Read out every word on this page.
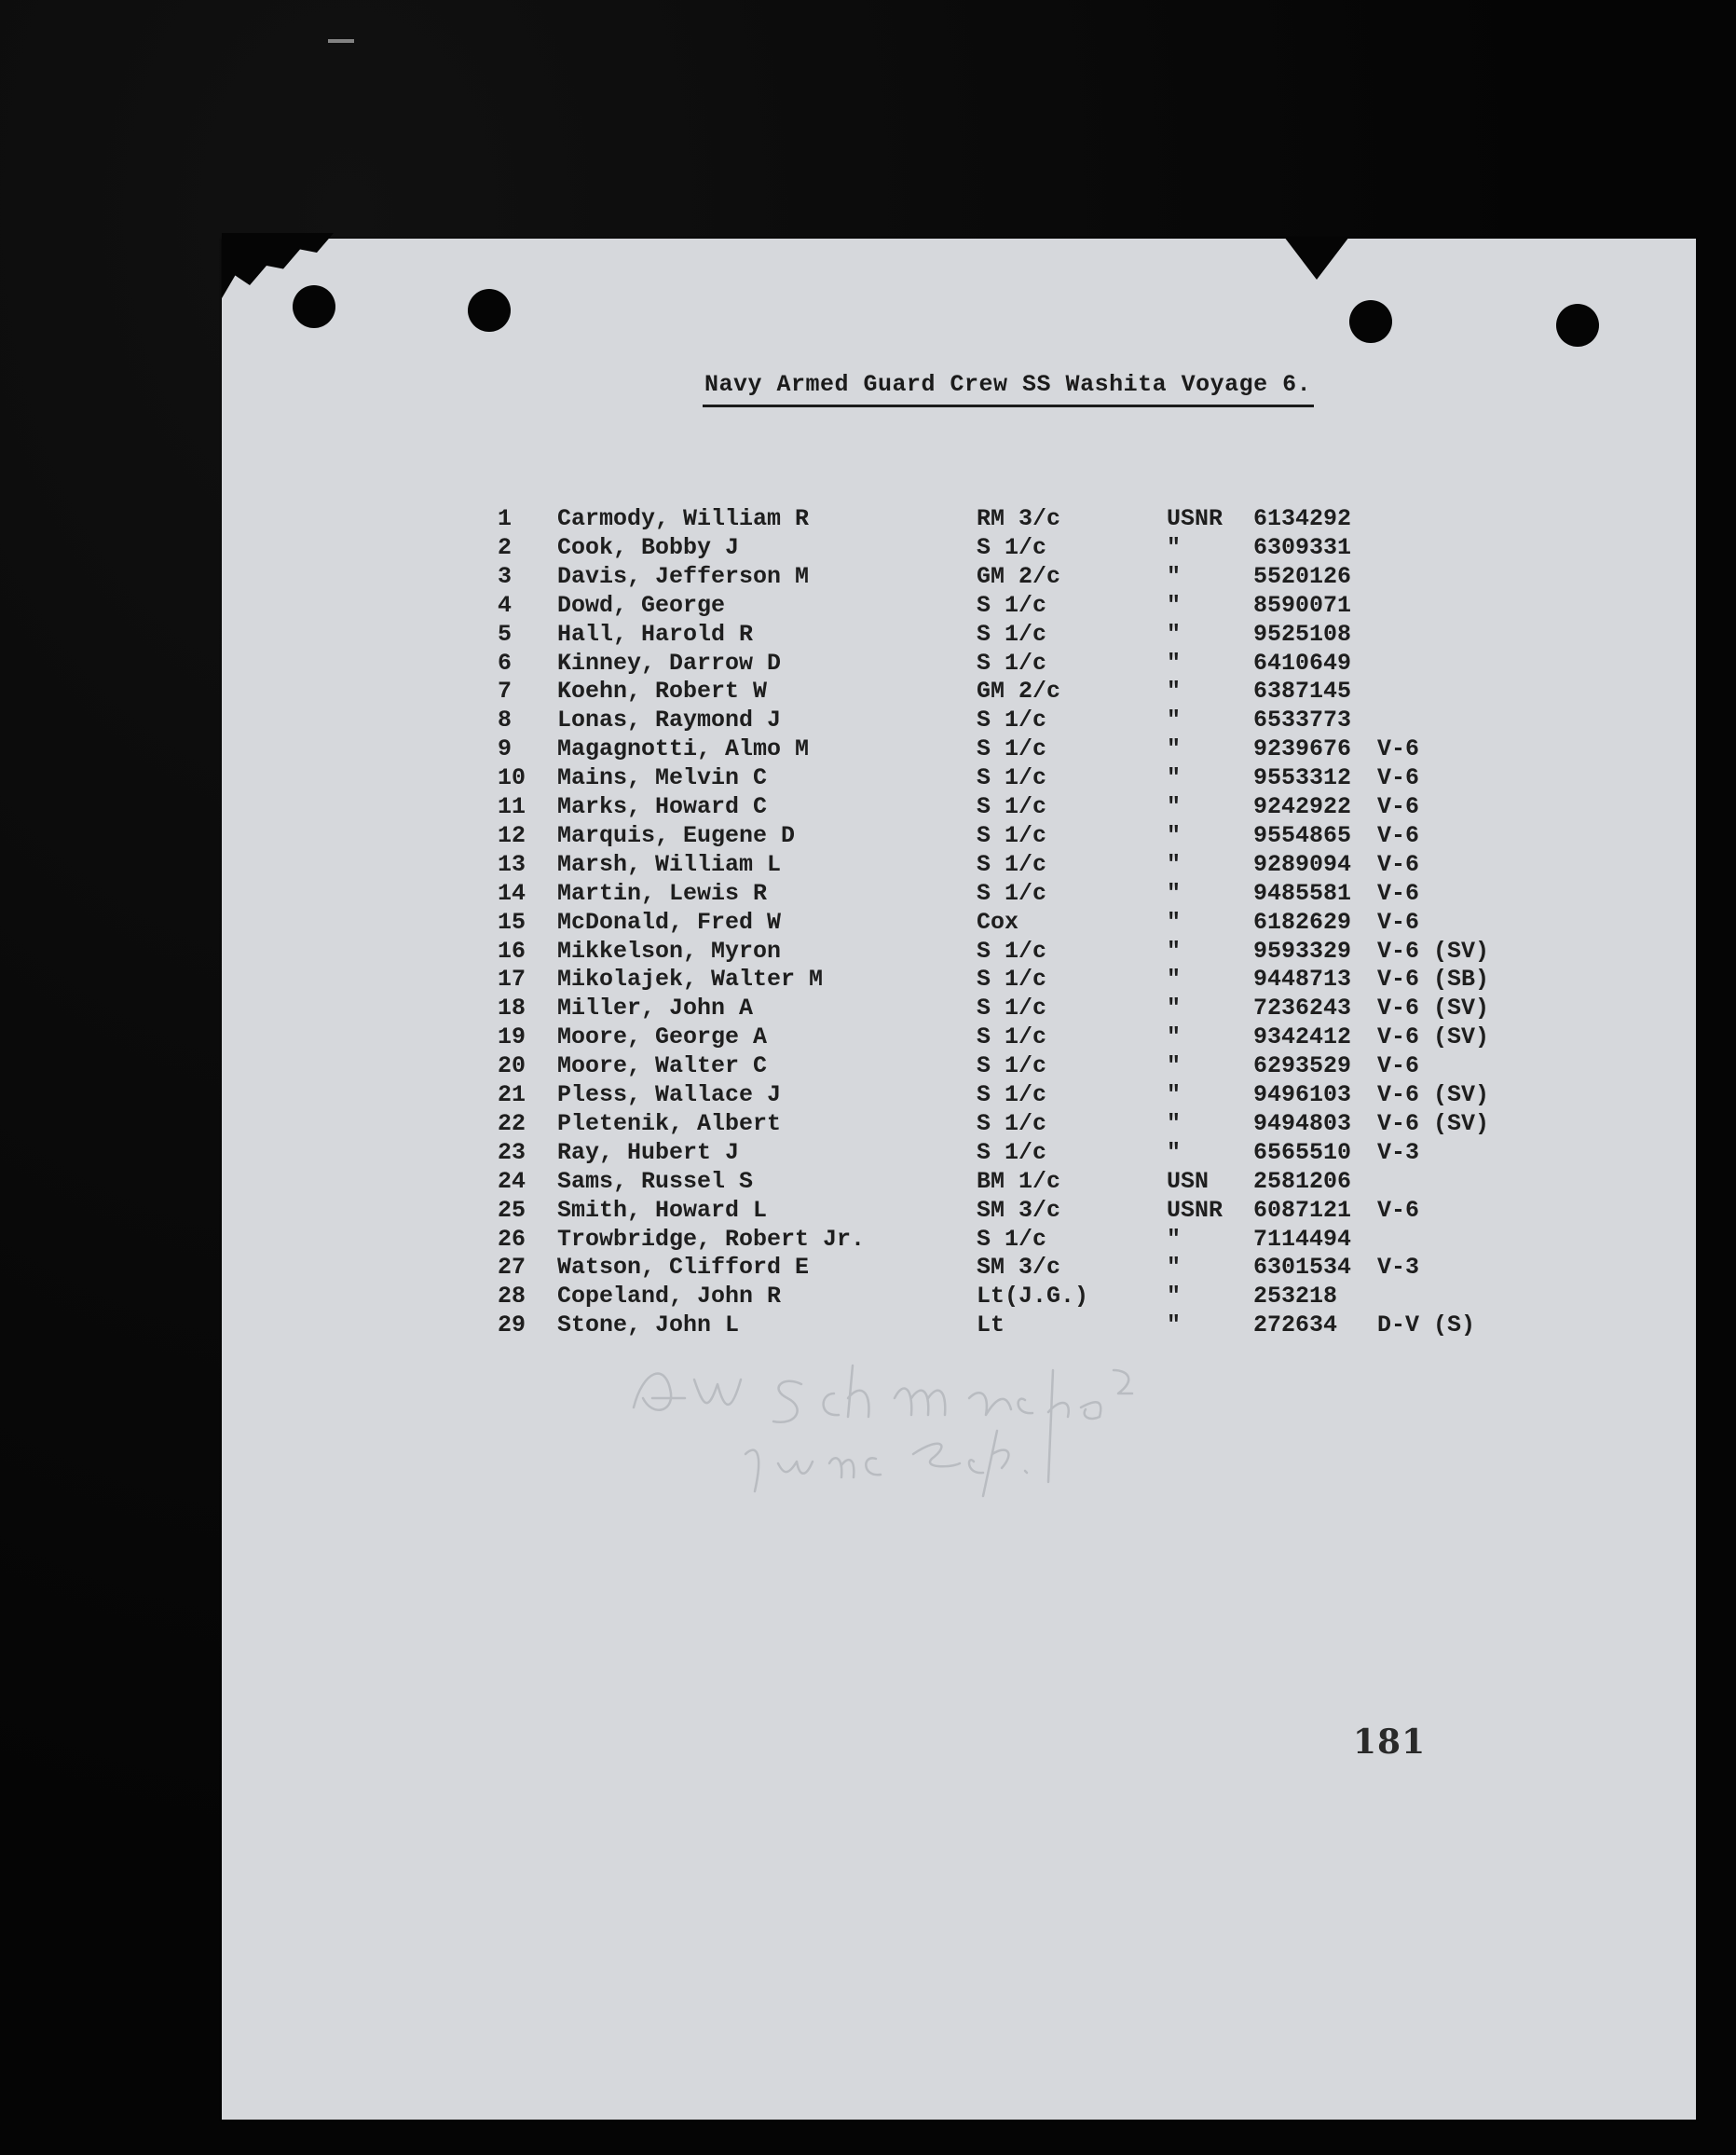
Navy Armed Guard Crew SS Washita Voyage 6.
1 Carmody, William R	RM 3/c	USNR 6134292
2 Cook, Bobby J	S 1/c	"	6309331
3 Davis, Jefferson M	GM 2/c	"	5520126
4 Dowd, George	S 1/c	"	8590071
5 Hall, Harold R	S 1/c	"	9525108
6 Kinney, Darrow D	S 1/c	"	6410649
7 Koehn, Robert W	GM 2/c	"	6387145
8 Lonas, Raymond J	S 1/c	"	6533773
9 Magagnotti, Almo M	S 1/c	"	9239676 V-6
10 Mains, Melvin C	S 1/c	"	9553312 V-6
11 Marks, Howard C	S 1/c	"	9242922 V-6
12 Marquis, Eugene D	S 1/c	"	9554865 V-6
13 Marsh, William L	S 1/c	"	9289094 V-6
14 Martin, Lewis R	S 1/c	"	9485581 V-6
15 McDonald, Fred W	Cox	"	6182629 V-6
16 Mikkelson, Myron	S 1/c	"	9593329 V-6 (SV)
17 Mikolajek, Walter M	S 1/c	"	9448713 V-6 (SB)
18 Miller, John A	S 1/c	"	7236243 V-6 (SV)
19 Moore, George A	S 1/c	"	9342412 V-6 (SV)
20 Moore, Walter C	S 1/c	"	6293529 V-6
21 Pless, Wallace J	S 1/c	"	9496103 V-6 (SV)
22 Pletenik, Albert	S 1/c	"	9494803 V-6 (SV)
23 Ray, Hubert J	S 1/c	"	6565510 V-3
24 Sams, Russel S	BM 1/c	USN 2581206
25 Smith, Howard L	SM 3/c	USNR 6087121 V-6
26 Trowbridge, Robert Jr.	S 1/c	"	7114494
27 Watson, Clifford E	SM 3/c	"	6301534 V-3
28 Copeland, John R	Lt(J.G.)	"	253218
29 Stone, John L	Lt	"	272634 D-V (S)
181
